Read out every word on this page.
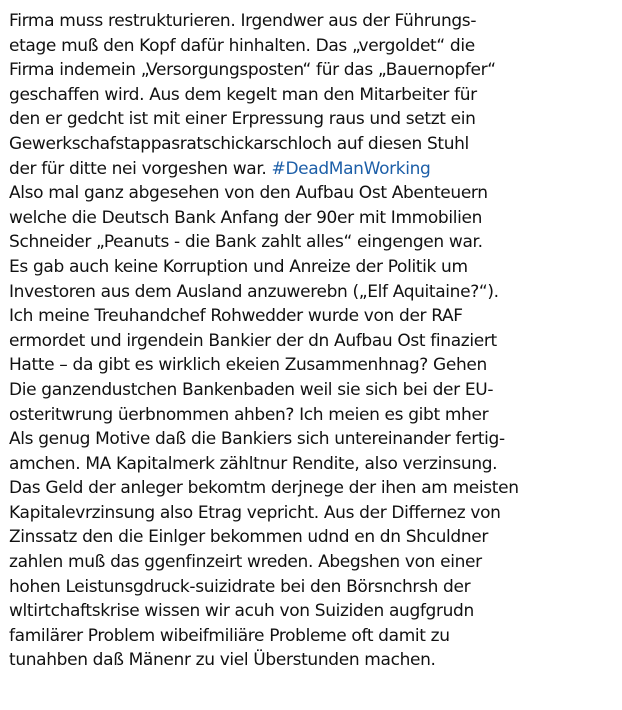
Firma muss restrukturieren. Irgendwer aus der Führungs-
etage muß den Kopf dafür hinhalten. Das „vergoldet“ die
Firma indemein „Versorgungsposten“ für das „Bauernopfer“
geschaffen wird. Aus dem kegelt man den Mitarbeiter für
den er gedcht ist mit einer Erpressung raus und setzt ein
Gewerkschafstappasratschickarschloch auf diesen Stuhl
der für ditte nei vorgeshen war. #DeadManWorking
Also mal ganz abgesehen von den Aufbau Ost Abenteuern
welche die Deutsch Bank Anfang der 90er mit Immobilien
Schneider „Peanuts - die Bank zahlt alles“ eingengen war.
Es gab auch keine Korruption und Anreize der Politik um
Investoren aus dem Ausland anzuwerebn („Elf Aquitaine?“).
Ich meine Treuhandchef Rohwedder wurde von der RAF
ermordet und irgendein Bankier der dn Aufbau Ost finaziert
Hatte – da gibt es wirklich ekeien Zusammenhnag? Gehen
Die ganzendustchen Bankenbaden weil sie sich bei der EU-
osteritwrung üerbnommen ahben? Ich meien es gibt mher
Als genug Motive daß die Bankiers sich untereinander fertig-
amchen. MA Kapitalmerk zähltnur Rendite, also verzinsung.
Das Geld der anleger bekomtm derjnege der ihen am meisten
Kapitalevrzinsung also Etrag vepricht. Aus der Differnez von
Zinssatz den die Einlger bekommen udnd en dn Shculdner
zahlen muß das ggenfinzeirt wreden. Abegshen von einer
hohen Leistunsgdruck-suizidrate bei den Börsnchrsh der
wltirtchaftskrise wissen wir acuh von Suiziden augfgrudn
familärer Problem wibeifmiliäre Probleme oft damit zu
tunahben daß Mänenr zu viel Überstunden machen.
